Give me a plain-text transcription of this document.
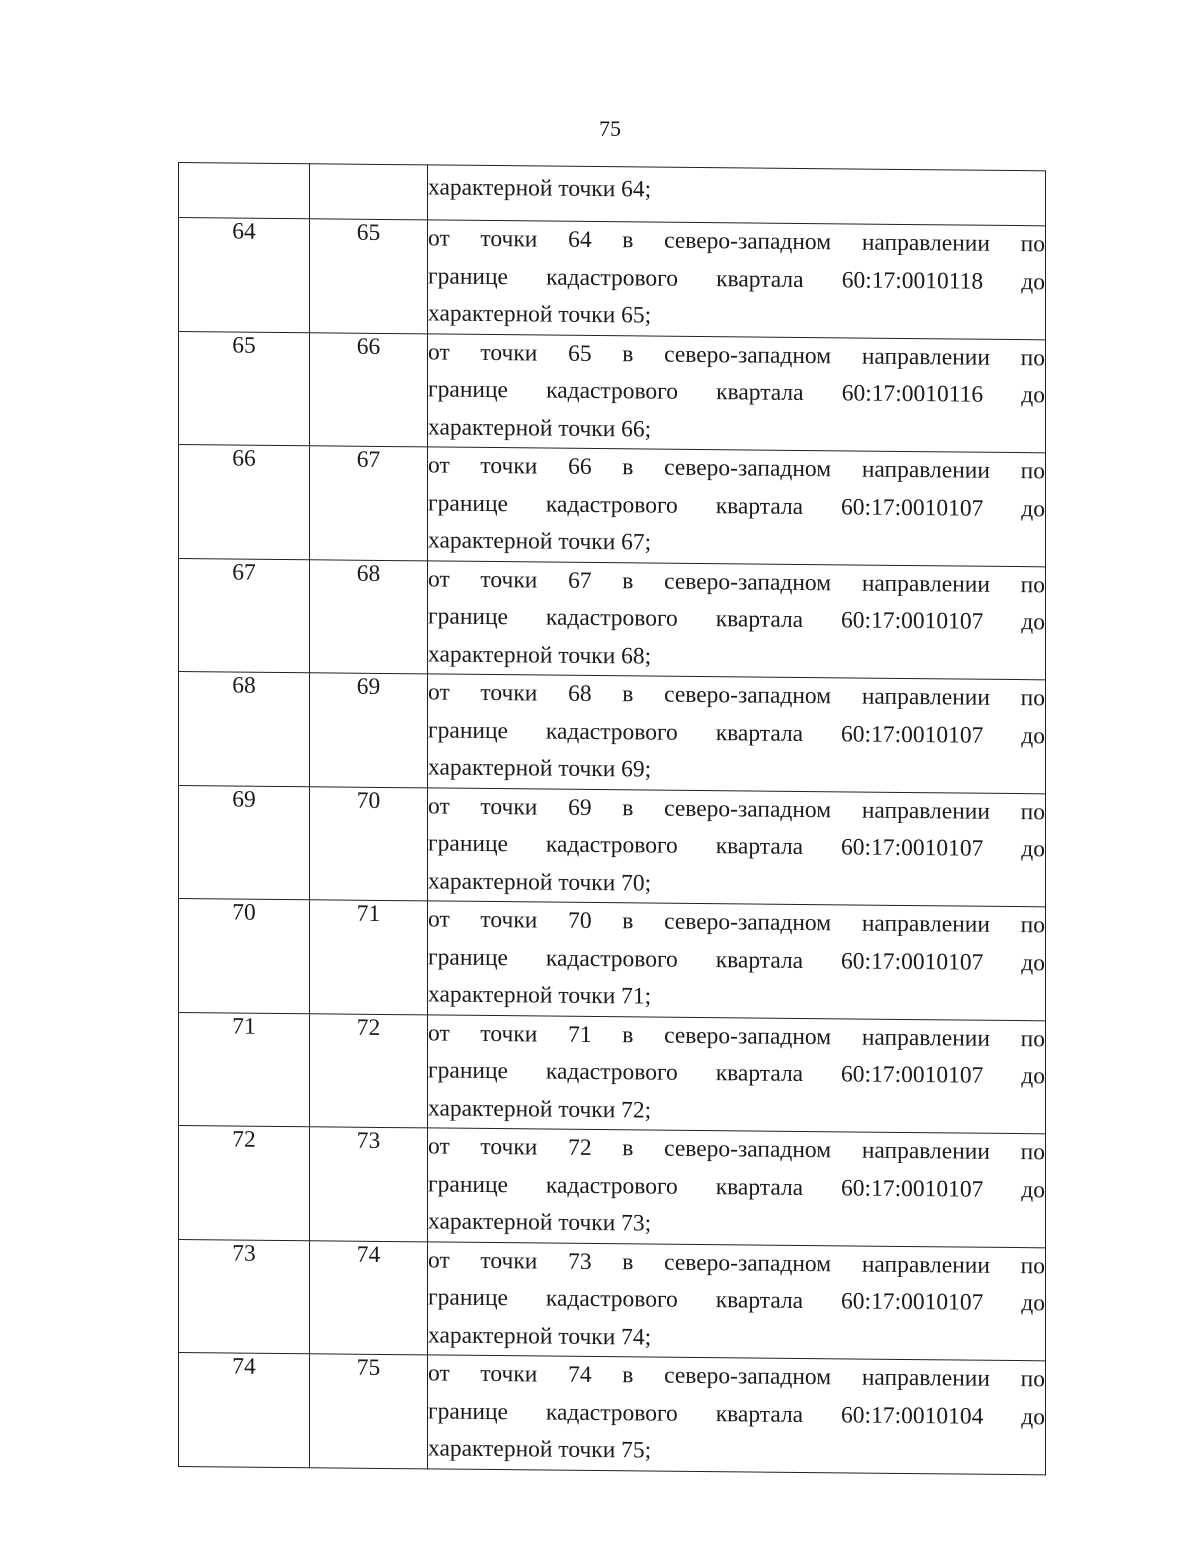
75

		характерной точки 64;

64	65	от точки 64 в северо-западном направлении по
границе кадастрового квартала 60:17:0010118 до
характерной точки 65;

65	66	от точки 65 в северо-западном направлении по
границе кадастрового квартала 60:17:0010116 до
характерной точки 66;

66	67	от точки 66 в северо-западном направлении по
границе кадастрового квартала 60:17:0010107 до
характерной точки 67;

67	68	от точки 67 в северо-западном направлении по
границе кадастрового квартала 60:17:0010107 до
характерной точки 68;

68	69	от точки 68 в северо-западном направлении по
границе кадастрового квартала 60:17:0010107 до
характерной точки 69;

69	70	от точки 69 в северо-западном направлении по
границе кадастрового квартала 60:17:0010107 до
характерной точки 70;

70	71	от точки 70 в северо-западном направлении по
границе кадастрового квартала 60:17:0010107 до
характерной точки 71;

71	72	от точки 71 в северо-западном направлении по
границе кадастрового квартала 60:17:0010107 до
характерной точки 72;

72	73	от точки 72 в северо-западном направлении по
границе кадастрового квартала 60:17:0010107 до
характерной точки 73;

73	74	от точки 73 в северо-западном направлении по
границе кадастрового квартала 60:17:0010107 до
характерной точки 74;

74	75	от точки 74 в северо-западном направлении по
границе кадастрового квартала 60:17:0010104 до
характерной точки 75;
